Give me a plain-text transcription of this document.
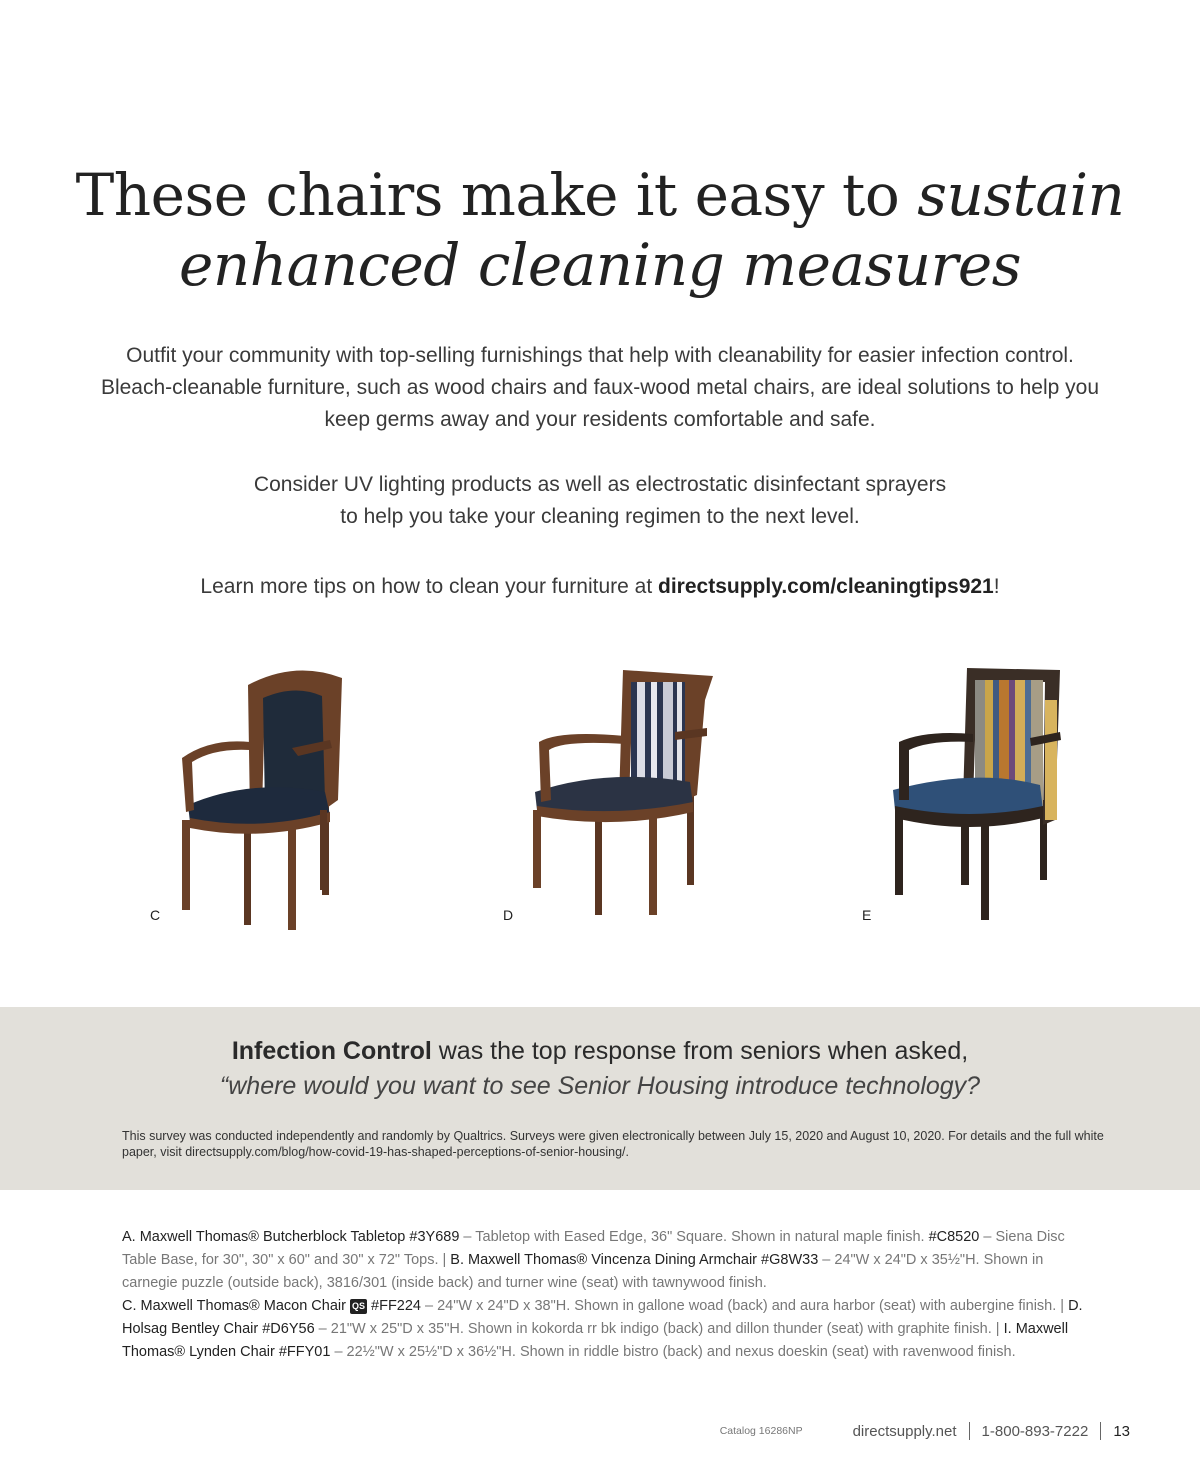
These chairs make it easy to sustain
enhanced cleaning measures
Outfit your community with top-selling furnishings that help with cleanability for easier infection control. Bleach-cleanable furniture, such as wood chairs and faux-wood metal chairs, are ideal solutions to help you keep germs away and your residents comfortable and safe.
Consider UV lighting products as well as electrostatic disinfectant sprayers
to help you take your cleaning regimen to the next level.
Learn more tips on how to clean your furniture at directsupply.com/cleaningtips921!
C	D	E
Infection Control was the top response from seniors when asked,
“where would you want to see Senior Housing introduce technology?
This survey was conducted independently and randomly by Qualtrics. Surveys were given electronically between July 15, 2020 and August 10, 2020. For details and the full white paper, visit directsupply.com/blog/how-covid-19-has-shaped-perceptions-of-senior-housing/.
A. Maxwell Thomas® Butcherblock Tabletop #3Y689 – Tabletop with Eased Edge, 36" Square. Shown in natural maple finish. #C8520 – Siena Disc Table Base, for 30", 30" x 60" and 30" x 72" Tops. | B. Maxwell Thomas® Vincenza Dining Armchair #G8W33 – 24"W x 24"D x 35½"H. Shown in carnegie puzzle (outside back), 3816/301 (inside back) and turner wine (seat) with tawnywood finish.
C. Maxwell Thomas® Macon Chair QS #FF224 – 24"W x 24"D x 38"H. Shown in gallone woad (back) and aura harbor (seat) with aubergine finish. | D. Holsag Bentley Chair #D6Y56 – 21"W x 25"D x 35"H. Shown in kokorda rr bk indigo (back) and dillon thunder (seat) with graphite finish. | I. Maxwell Thomas® Lynden Chair #FFY01 – 22½"W x 25½"D x 36½"H. Shown in riddle bistro (back) and nexus doeskin (seat) with ravenwood finish.
Catalog 16286NP	directsupply.net 1-800-893-7222 13
